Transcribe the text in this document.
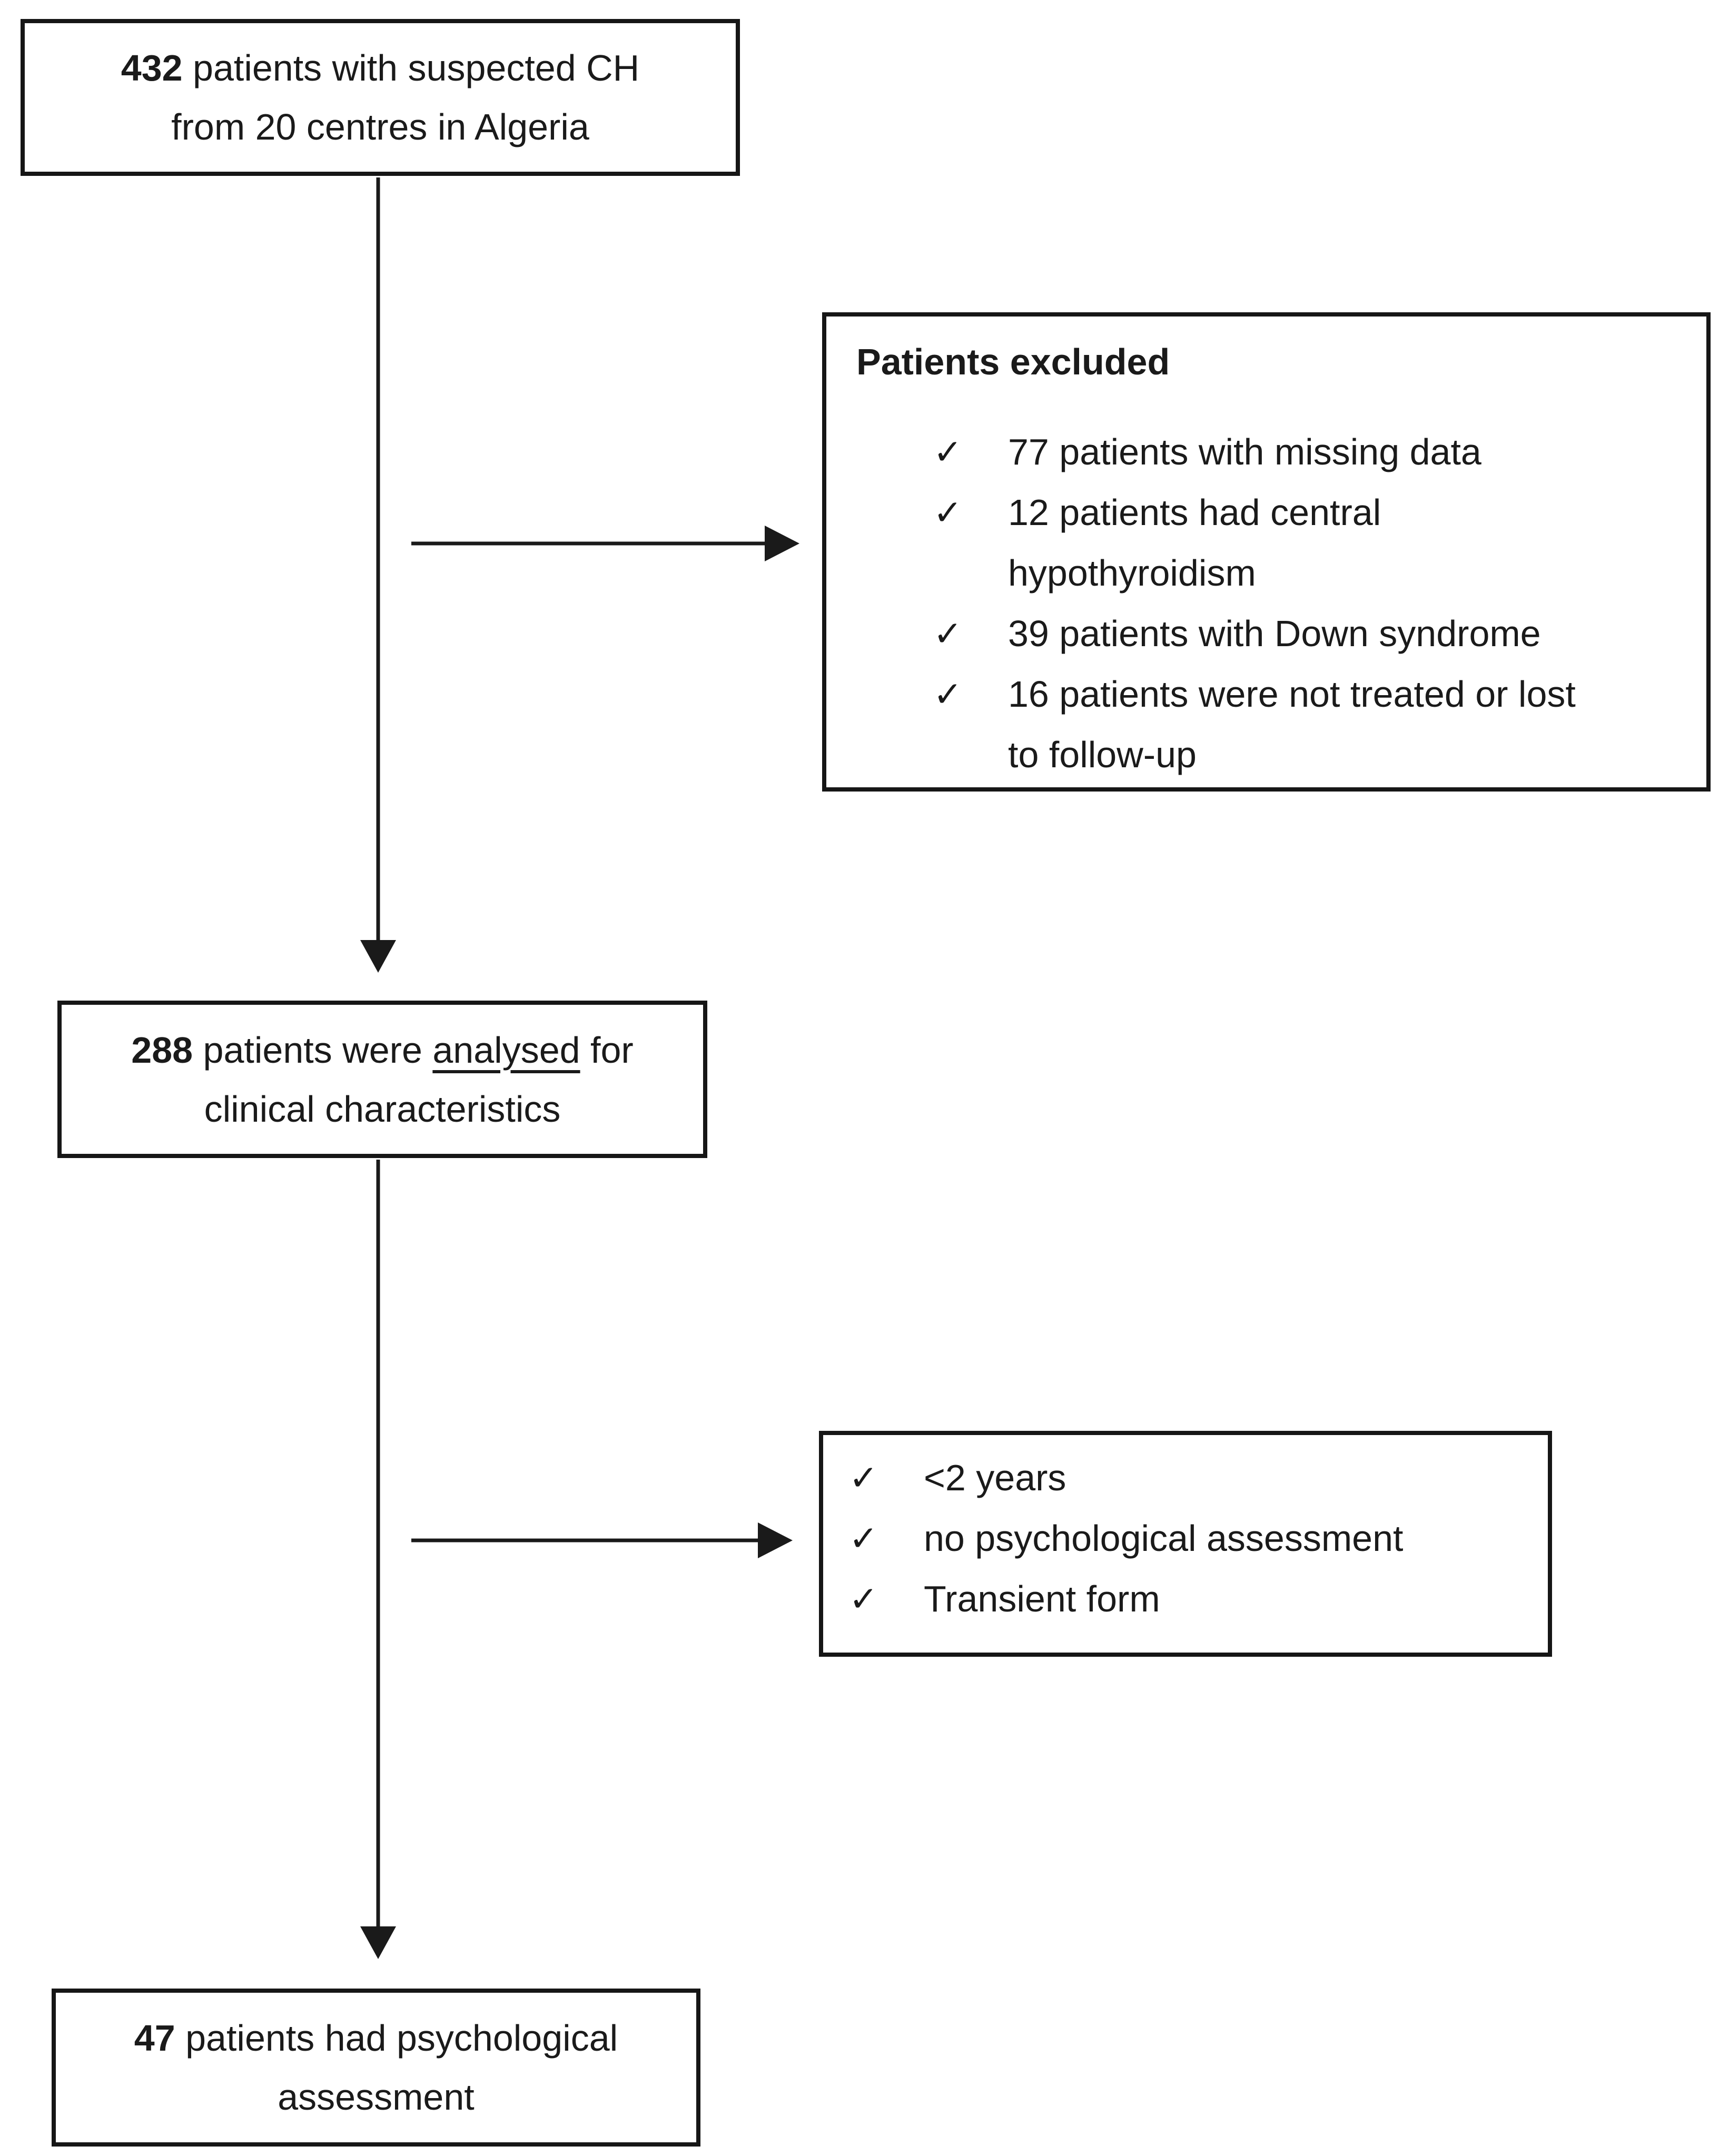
432 patients with suspected CH
from 20 centres in Algeria
Patients excluded
✓ 77 patients with missing data
✓ 12 patients had central
hypothyroidism
✓ 39 patients with Down syndrome
✓ 16 patients were not treated or lost
to follow-up
288 patients were analysed for
clinical characteristics
✓ <2 years
✓ no psychological assessment
✓ Transient form
47 patients had psychological
assessment
